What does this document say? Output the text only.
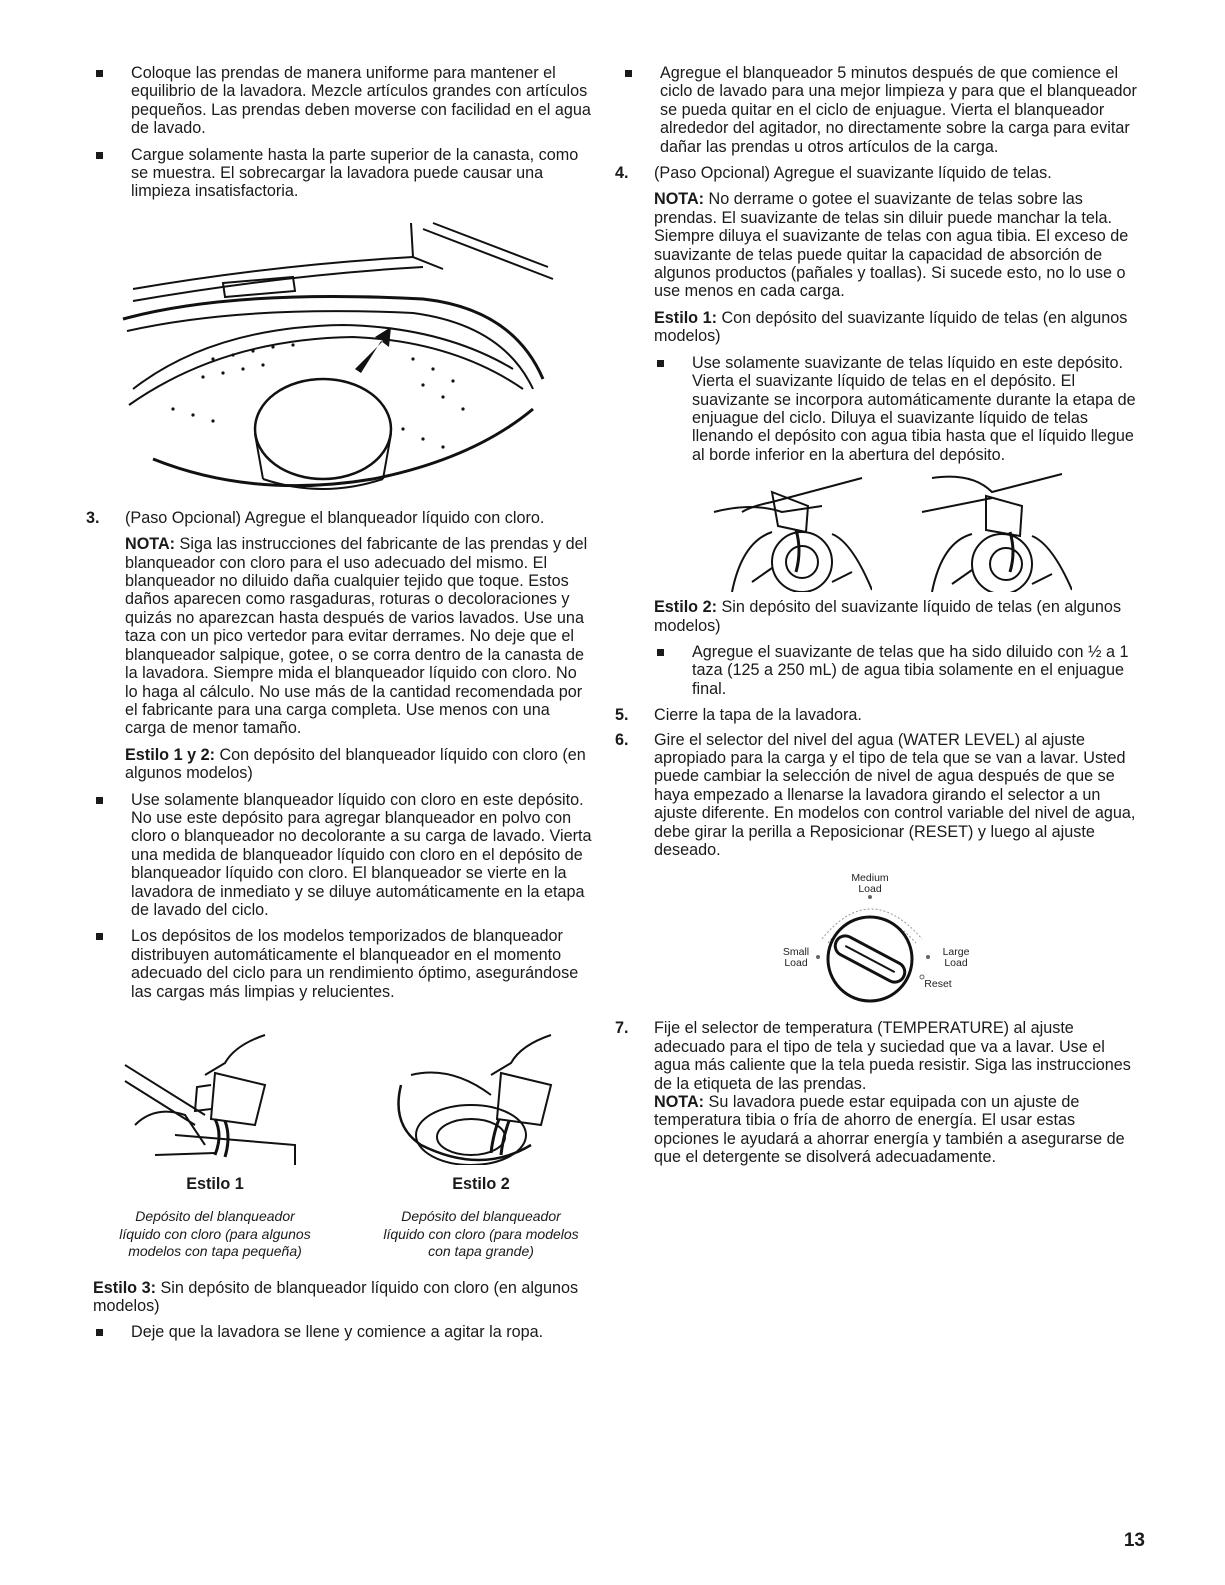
Coloque las prendas de manera uniforme para mantener el equilibrio de la lavadora. Mezcle artículos grandes con artículos pequeños. Las prendas deben moverse con facilidad en el agua de lavado.

Cargue solamente hasta la parte superior de la canasta, como se muestra. El sobrecargar la lavadora puede causar una limpieza insatisfactoria.

3. (Paso Opcional) Agregue el blanqueador líquido con cloro.

NOTA: Siga las instrucciones del fabricante de las prendas y del blanqueador con cloro para el uso adecuado del mismo. El blanqueador no diluido daña cualquier tejido que toque. Estos daños aparecen como rasgaduras, roturas o decoloraciones y quizás no aparezcan hasta después de varios lavados. Use una taza con un pico vertedor para evitar derrames. No deje que el blanqueador salpique, gotee, o se corra dentro de la canasta de la lavadora. Siempre mida el blanqueador líquido con cloro. No lo haga al cálculo. No use más de la cantidad recomendada por el fabricante para una carga completa. Use menos con una carga de menor tamaño.

Estilo 1 y 2: Con depósito del blanqueador líquido con cloro (en algunos modelos)

Use solamente blanqueador líquido con cloro en este depósito. No use este depósito para agregar blanqueador en polvo con cloro o blanqueador no decolorante a su carga de lavado. Vierta una medida de blanqueador líquido con cloro en el depósito de blanqueador líquido con cloro. El blanqueador se vierte en la lavadora de inmediato y se diluye automáticamente en la etapa de lavado del ciclo.

Los depósitos de los modelos temporizados de blanqueador distribuyen automáticamente el blanqueador en el momento adecuado del ciclo para un rendimiento óptimo, asegurándose las cargas más limpias y relucientes.

Estilo 1
Depósito del blanqueador líquido con cloro (para algunos modelos con tapa pequeña)
Estilo 2
Depósito del blanqueador líquido con cloro (para modelos con tapa grande)

Estilo 3: Sin depósito de blanqueador líquido con cloro (en algunos modelos)

Deje que la lavadora se llene y comience a agitar la ropa.

Agregue el blanqueador 5 minutos después de que comience el ciclo de lavado para una mejor limpieza y para que el blanqueador se pueda quitar en el ciclo de enjuague. Vierta el blanqueador alrededor del agitador, no directamente sobre la carga para evitar dañar las prendas u otros artículos de la carga.

4. (Paso Opcional) Agregue el suavizante líquido de telas.

NOTA: No derrame o gotee el suavizante de telas sobre las prendas. El suavizante de telas sin diluir puede manchar la tela. Siempre diluya el suavizante de telas con agua tibia. El exceso de suavizante de telas puede quitar la capacidad de absorción de algunos productos (pañales y toallas). Si sucede esto, no lo use o use menos en cada carga.

Estilo 1: Con depósito del suavizante líquido de telas (en algunos modelos)

Use solamente suavizante de telas líquido en este depósito. Vierta el suavizante líquido de telas en el depósito. El suavizante se incorpora automáticamente durante la etapa de enjuague del ciclo. Diluya el suavizante líquido de telas llenando el depósito con agua tibia hasta que el líquido llegue al borde inferior en la abertura del depósito.

Estilo 2: Sin depósito del suavizante líquido de telas (en algunos modelos)

Agregue el suavizante de telas que ha sido diluido con ½ a 1 taza (125 a 250 mL) de agua tibia solamente en el enjuague final.

5. Cierre la tapa de la lavadora.

6. Gire el selector del nivel del agua (WATER LEVEL) al ajuste apropiado para la carga y el tipo de tela que se van a lavar. Usted puede cambiar la selección de nivel de agua después de que se haya empezado a llenarse la lavadora girando el selector a un ajuste diferente. En modelos con control variable del nivel de agua, debe girar la perilla a Reposicionar (RESET) y luego al ajuste deseado.

Medium
Load
Small
Load
Large
Load
Reset
7. Fije el selector de temperatura (TEMPERATURE) al ajuste adecuado para el tipo de tela y suciedad que va a lavar. Use el agua más caliente que la tela pueda resistir. Siga las instrucciones de la etiqueta de las prendas.

NOTA: Su lavadora puede estar equipada con un ajuste de temperatura tibia o fría de ahorro de energía. El usar estas opciones le ayudará a ahorrar energía y también a asegurarse de que el detergente se disolverá adecuadamente.

13
